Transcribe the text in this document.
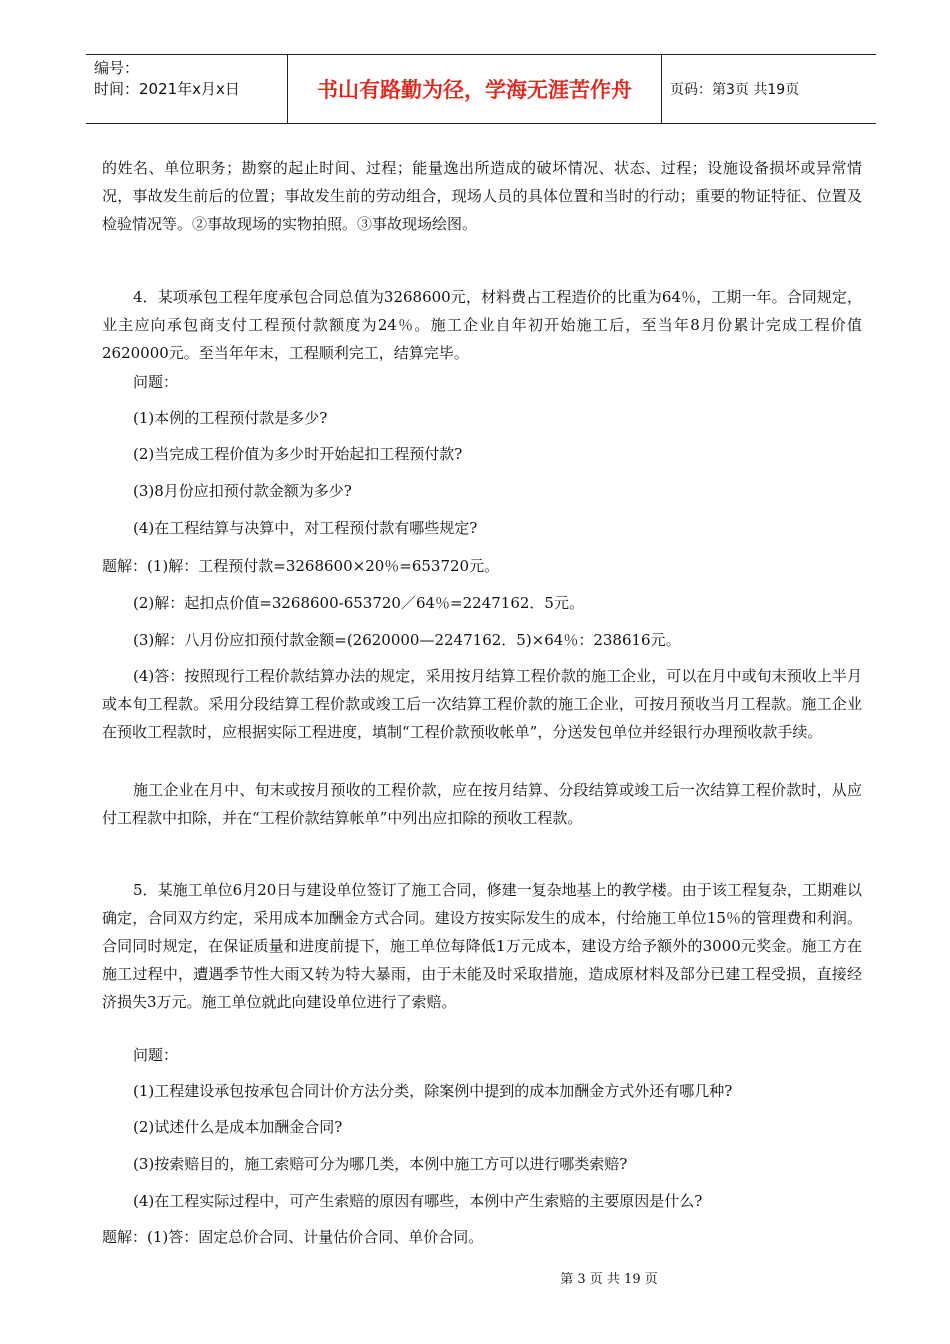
编号：
时间：2021年x月x日	书山有路勤为径，学海无涯苦作舟	页码：第3页 共19页

的姓名、单位职务；勘察的起止时间、过程；能量逸出所造成的破坏情况、状态、过程；设施设备损坏或异常情况，事故发生前后的位置；事故发生前的劳动组合，现场人员的具体位置和当时的行动；重要的物证特征、位置及检验情况等。②事故现场的实物拍照。③事故现场绘图。

4．某项承包工程年度承包合同总值为3268600元，材料费占工程造价的比重为64％，工期一年。合同规定，业主应向承包商支付工程预付款额度为24％。施工企业自年初开始施工后，至当年8月份累计完成工程价值2620000元。至当年年末，工程顺利完工，结算完毕。

问题：

(1)本例的工程预付款是多少?

(2)当完成工程价值为多少时开始起扣工程预付款?

(3)8月份应扣预付款金额为多少?

(4)在工程结算与决算中，对工程预付款有哪些规定?

题解：(1)解：工程预付款=3268600×20％=653720元。

(2)解：起扣点价值=3268600-653720／64％=2247162．5元。

(3)解：八月份应扣预付款金额=(2620000—2247162．5)×64％：238616元。

(4)答：按照现行工程价款结算办法的规定，采用按月结算工程价款的施工企业，可以在月中或旬末预收上半月或本旬工程款。采用分段结算工程价款或竣工后一次结算工程价款的施工企业，可按月预收当月工程款。施工企业在预收工程款时，应根据实际工程进度，填制“工程价款预收帐单”，分送发包单位并经银行办理预收款手续。

施工企业在月中、旬末或按月预收的工程价款，应在按月结算、分段结算或竣工后一次结算工程价款时，从应付工程款中扣除，并在“工程价款结算帐单”中列出应扣除的预收工程款。

5．某施工单位6月20日与建设单位签订了施工合同，修建一复杂地基上的教学楼。由于该工程复杂，工期难以确定，合同双方约定，采用成本加酬金方式合同。建设方按实际发生的成本，付给施工单位15％的管理费和利润。合同同时规定，在保证质量和进度前提下，施工单位每降低1万元成本，建设方给予额外的3000元奖金。施工方在施工过程中，遭遇季节性大雨又转为特大暴雨，由于未能及时采取措施，造成原材料及部分已建工程受损，直接经济损失3万元。施工单位就此向建设单位进行了索赔。

问题：

(1)工程建设承包按承包合同计价方法分类，除案例中提到的成本加酬金方式外还有哪几种?

(2)试述什么是成本加酬金合同?

(3)按索赔目的，施工索赔可分为哪几类，本例中施工方可以进行哪类索赔?

(4)在工程实际过程中，可产生索赔的原因有哪些，本例中产生索赔的主要原因是什么?

题解：(1)答：固定总价合同、计量估价合同、单价合同。

第 3 页 共 19 页
